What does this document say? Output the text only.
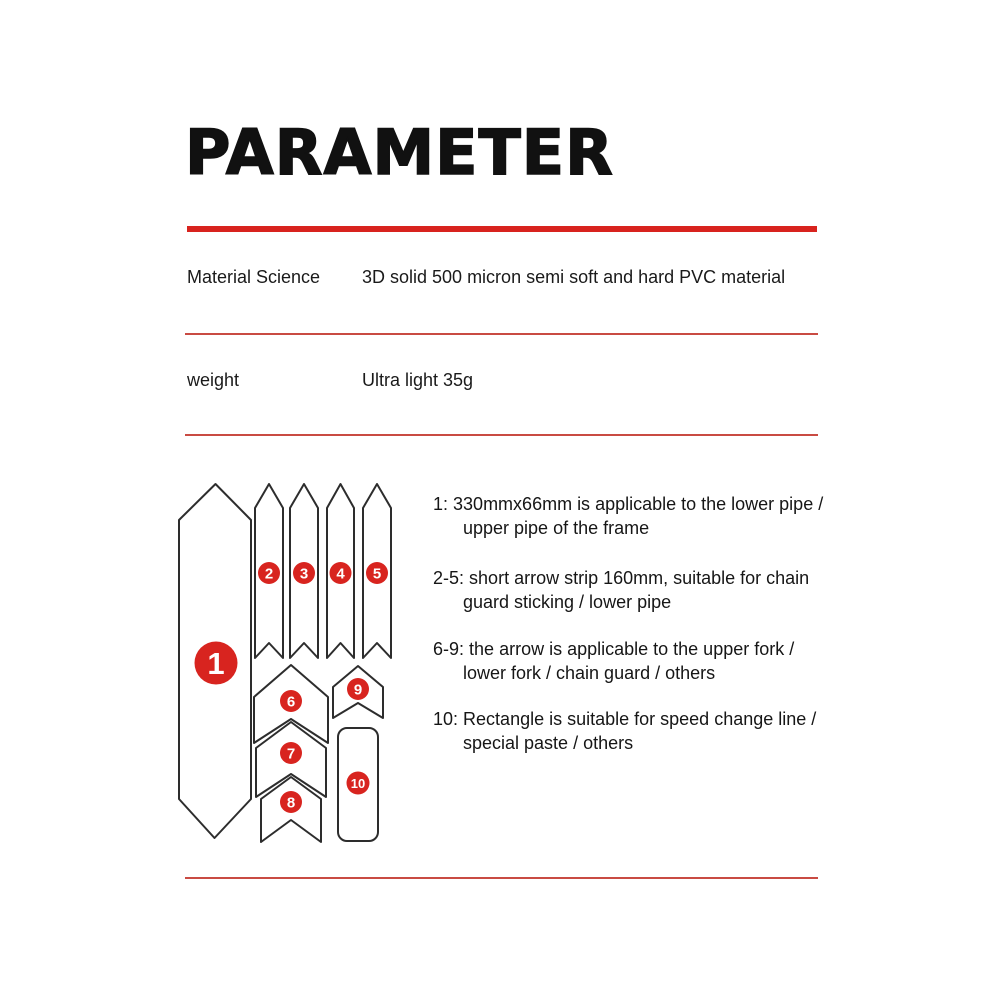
PARAMETER
Material Science 3D solid 500 micron semi soft and hard PVC material
weight	Ultra light 35g
1
2 3 4 5
6
7
8
9
10
1: 330mmx66mm is applicable to the lower pipe /
upper pipe of the frame
2-5: short arrow strip 160mm, suitable for chain
guard sticking / lower pipe
6-9: the arrow is applicable to the upper fork /
lower fork / chain guard / others
10: Rectangle is suitable for speed change line /
special paste / others
